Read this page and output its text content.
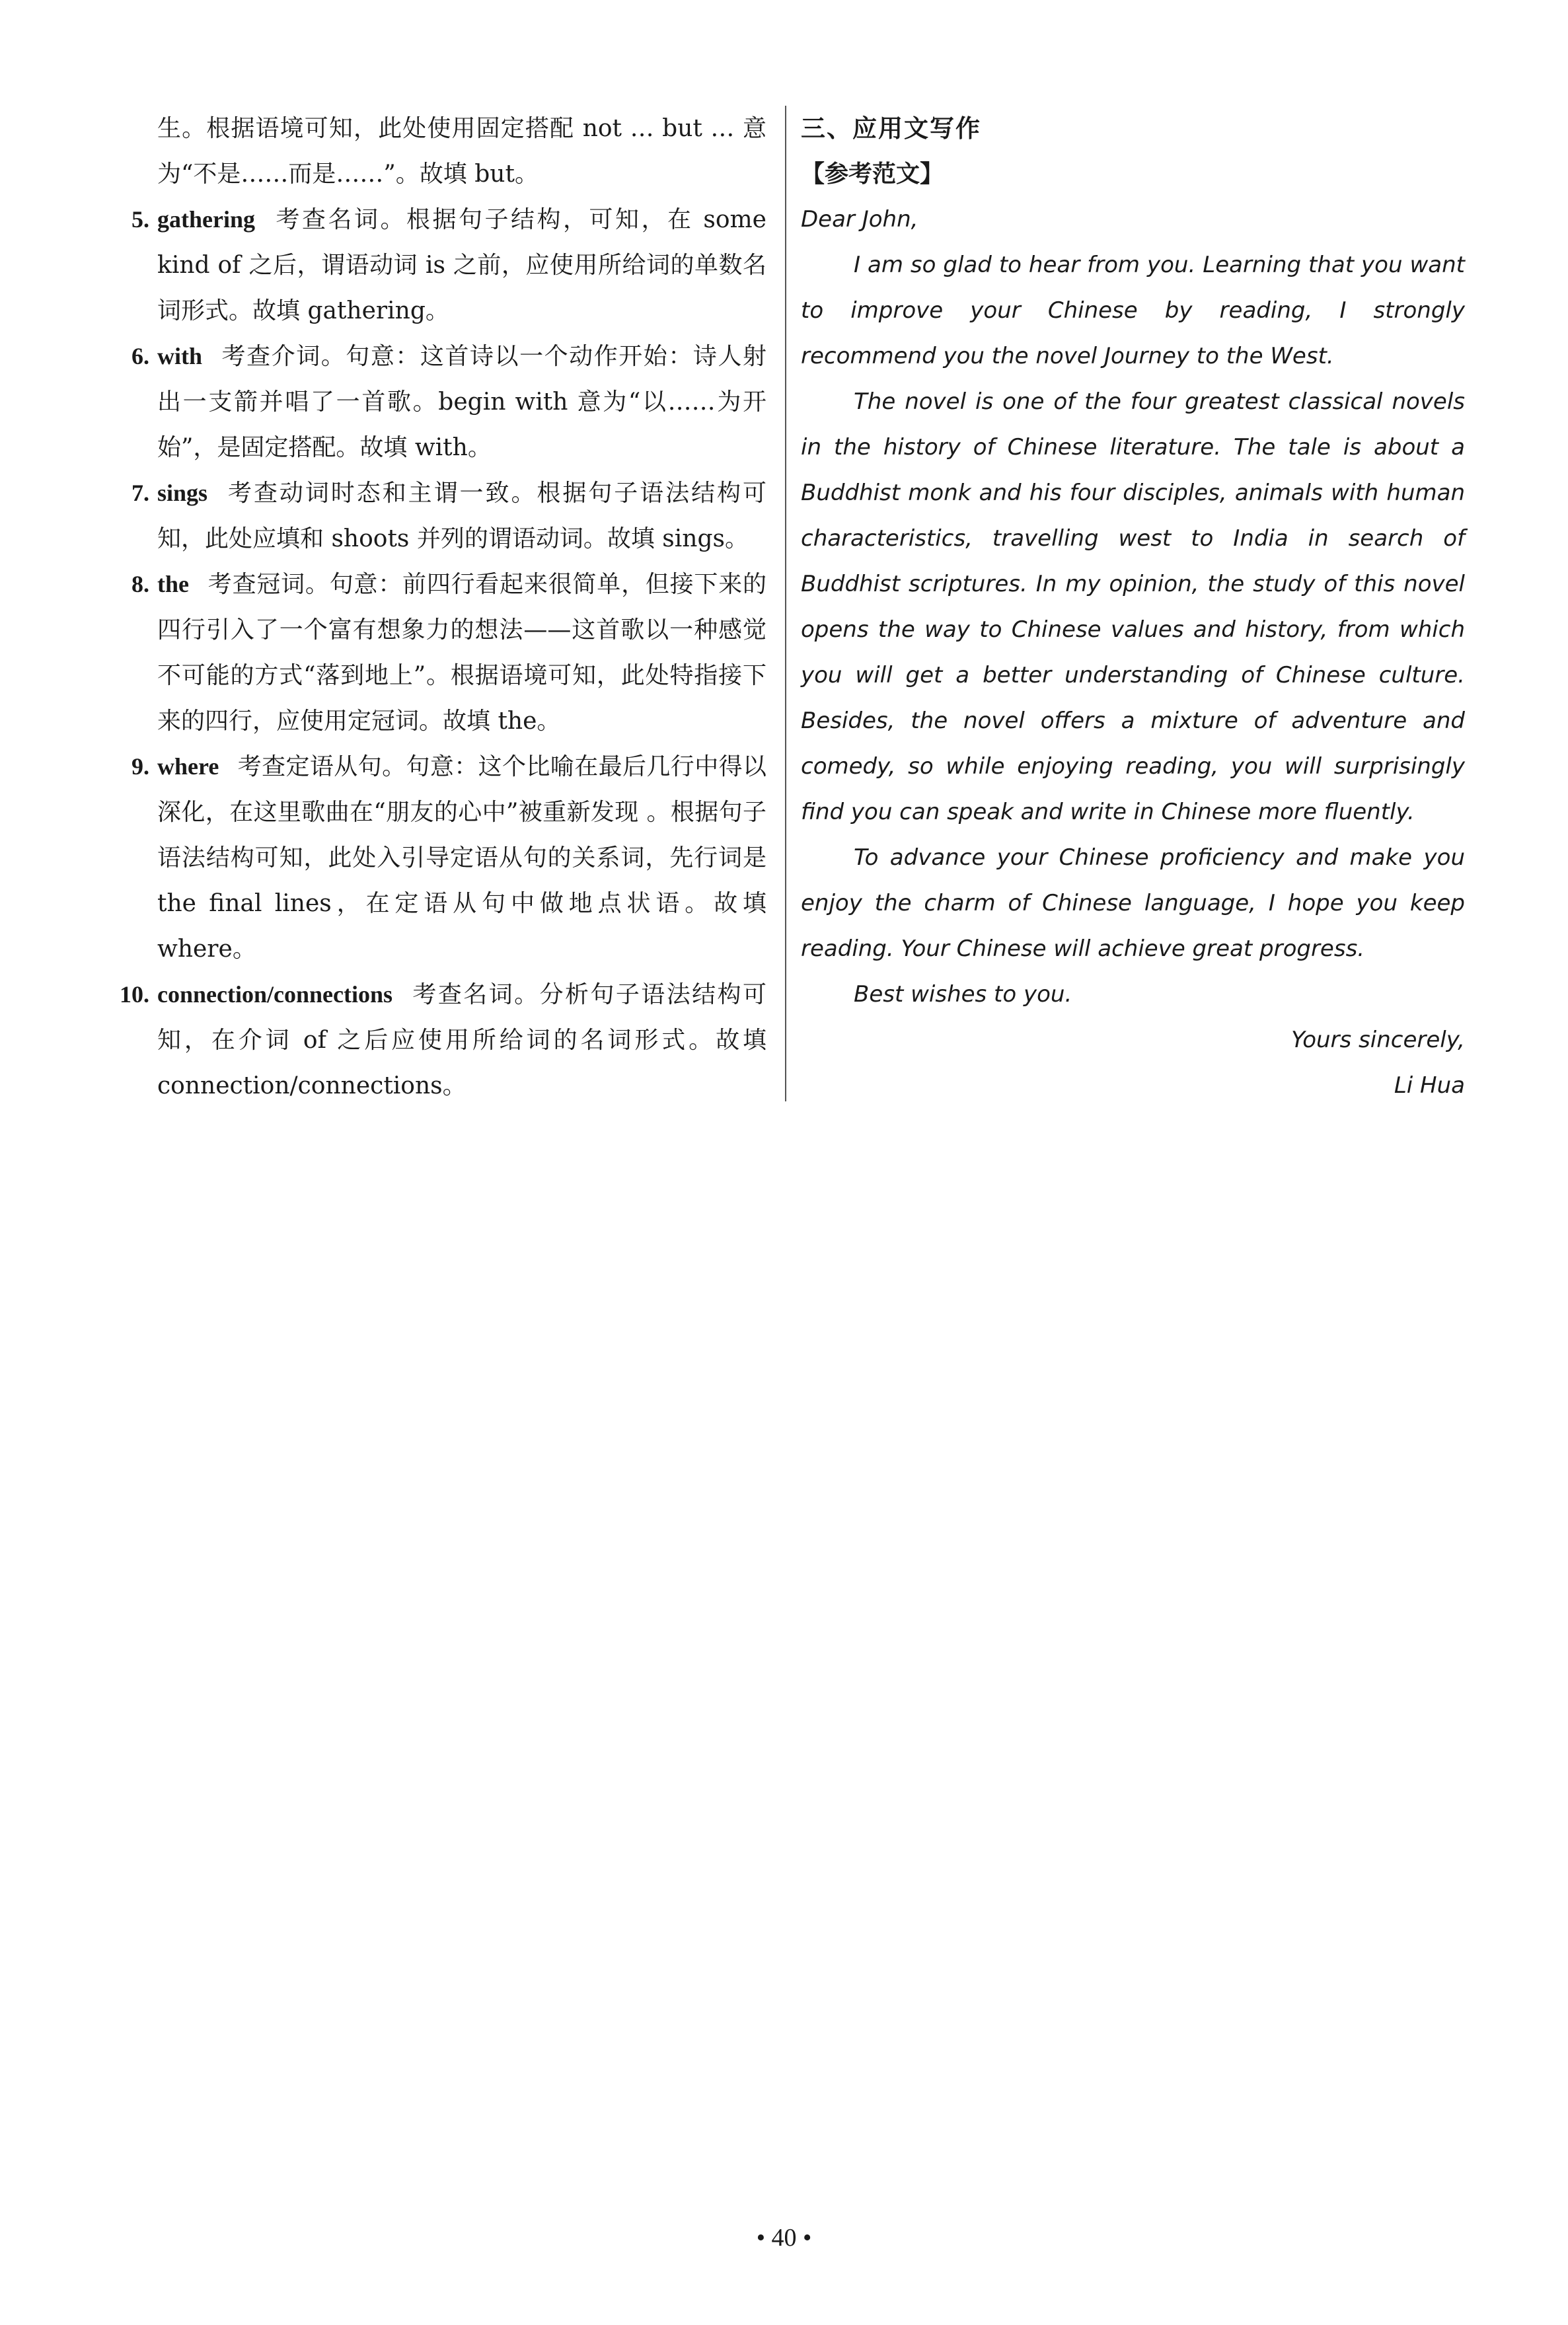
生。根据语境可知，此处使用固定搭配 not … but … 意为“不是……而是……”。故填 but。
5. gathering 考查名词。根据句子结构，可知，在 some kind of 之后，谓语动词 is 之前，应使用所给词的单数名词形式。故填 gathering。
6. with 考查介词。句意：这首诗以一个动作开始：诗人射出一支箭并唱了一首歌。begin with 意为“以……为开始”，是固定搭配。故填 with。
7. sings 考查动词时态和主谓一致。根据句子语法结构可知，此处应填和 shoots 并列的谓语动词。故填 sings。
8. the 考查冠词。句意：前四行看起来很简单，但接下来的四行引入了一个富有想象力的想法——这首歌以一种感觉不可能的方式“落到地上”。根据语境可知，此处特指接下来的四行，应使用定冠词。故填 the。
9. where 考查定语从句。句意：这个比喻在最后几行中得以深化，在这里歌曲在“朋友的心中”被重新发现 。根据句子语法结构可知，此处入引导定语从句的关系词，先行词是 the final lines，在定语从句中做地点状语。故填 where。
10. connection/connections 考查名词。分析句子语法结构可知，在介词 of 之后应使用所给词的名词形式。故填 connection/connections。
三、应用文写作
【参考范文】

Dear John,

I am so glad to hear from you. Learning that you want to improve your Chinese by reading, I strongly recommend you the novel Journey to the West.

The novel is one of the four greatest classical novels in the history of Chinese literature. The tale is about a Buddhist monk and his four disciples, animals with human characteristics, travelling west to India in search of Buddhist scriptures. In my opinion, the study of this novel opens the way to Chinese values and history, from which you will get a better understanding of Chinese culture. Besides, the novel offers a mixture of adventure and comedy, so while enjoying reading, you will surprisingly find you can speak and write in Chinese more fluently.

To advance your Chinese proficiency and make you enjoy the charm of Chinese language, I hope you keep reading. Your Chinese will achieve great progress.

Best wishes to you.

Yours sincerely,

Li Hua

• 40 •
